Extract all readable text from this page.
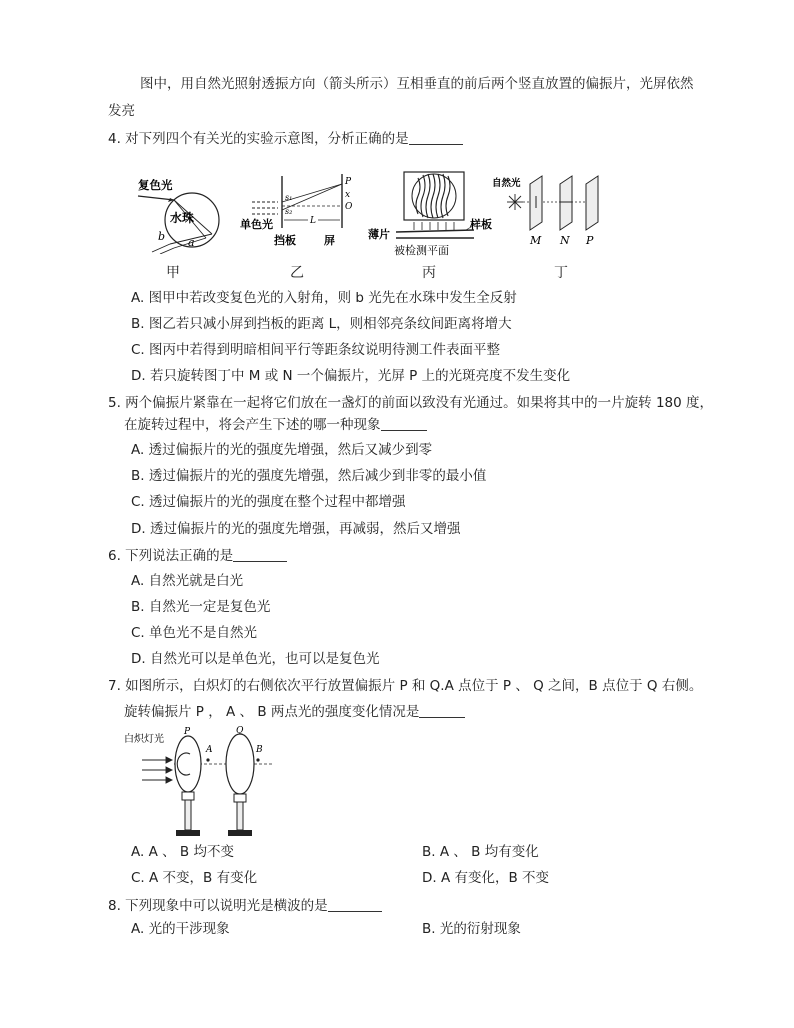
图中，用自然光照射透振方向（箭头所示）互相垂直的前后两个竖直放置的偏振片，光屏依然
发亮
4. 对下列四个有关光的实验示意图，分析正确的是
复色光
水珠
b a
甲
s₁
s₂
P
x
O
L
单色光
挡板	屏
乙
薄片
样板
被检测平面
丙
自然光
M N P
丁
A. 图甲中若改变复色光的入射角，则 b 光先在水珠中发生全反射
B. 图乙若只减小屏到挡板的距离 L，则相邻亮条纹间距离将增大
C. 图丙中若得到明暗相间平行等距条纹说明待测工件表面平整
D. 若只旋转图丁中 M 或 N 一个偏振片，光屏 P 上的光斑亮度不发生变化
5. 两个偏振片紧靠在一起将它们放在一盏灯的前面以致没有光通过。如果将其中的一片旋转 180 度，
在旋转过程中，将会产生下述的哪一种现象
A. 透过偏振片的光的强度先增强，然后又减少到零
B. 透过偏振片的光的强度先增强，然后减少到非零的最小值
C. 透过偏振片的光的强度在整个过程中都增强
D. 透过偏振片的光的强度先增强，再减弱，然后又增强
6. 下列说法正确的是
A. 自然光就是白光
B. 自然光一定是复色光
C. 单色光不是自然光
D. 自然光可以是单色光，也可以是复色光
7. 如图所示，白炽灯的右侧依次平行放置偏振片 P 和 Q.A 点位于 P 、 Q 之间，B 点位于 Q 右侧。
旋转偏振片 P ， A 、 B 两点光的强度变化情况是
白炽灯光
P	Q
A	B
A. A 、 B 均不变	B. A 、 B 均有变化
C. A 不变，B 有变化	D. A 有变化，B 不变
8. 下列现象中可以说明光是横波的是
A. 光的干涉现象	B. 光的衍射现象
